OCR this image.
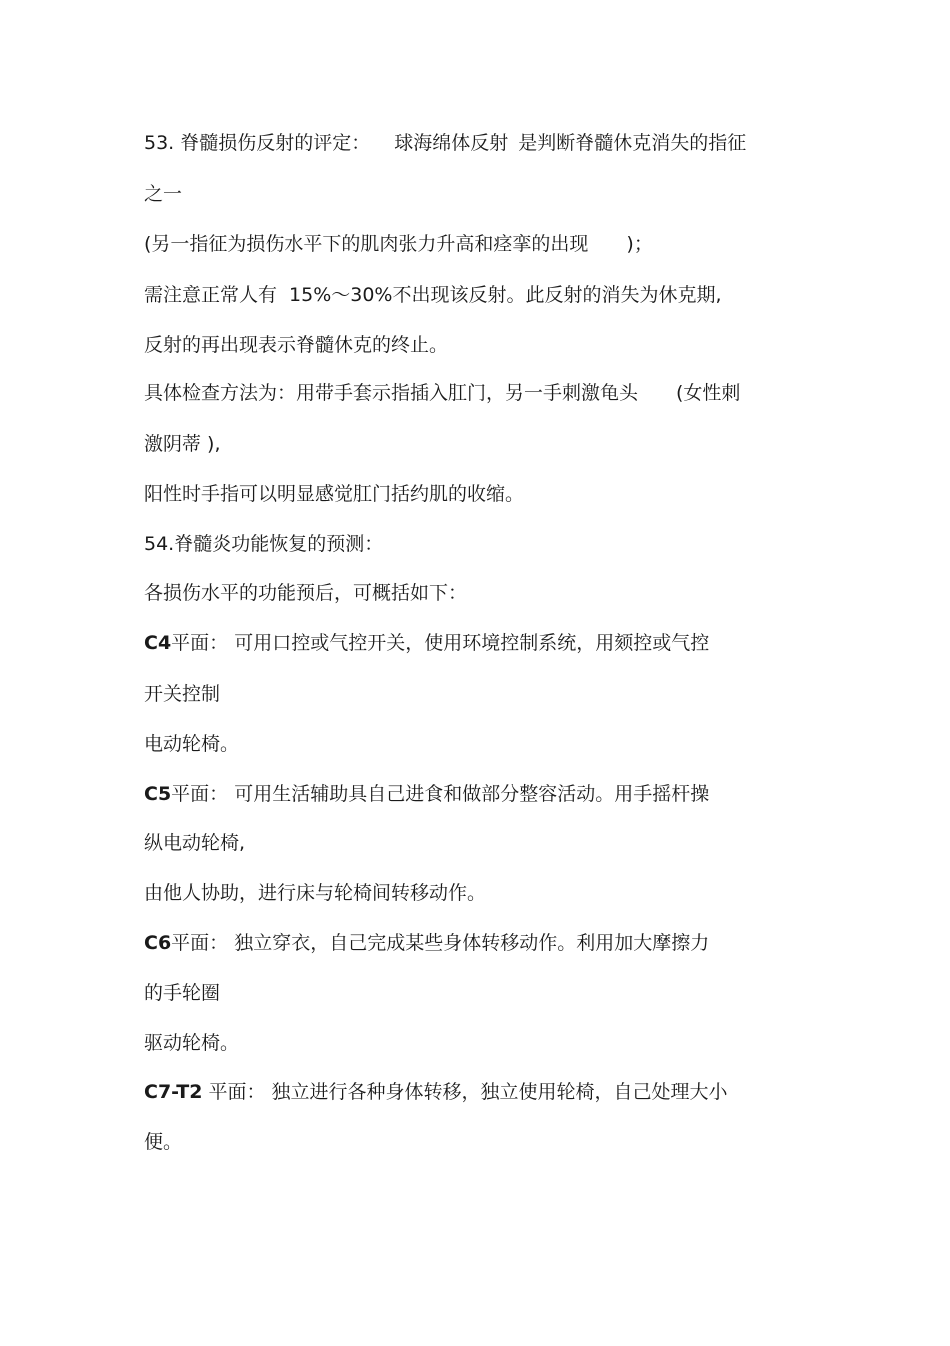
53. 脊髓损伤反射的评定： 球海绵体反射 是判断脊髓休克消失的指征
之一
(另一指征为损伤水平下的肌肉张力升高和痉挛的出现 )；
需注意正常人有 15%～30%不出现该反射。此反射的消失为休克期,
反射的再出现表示脊髓休克的终止。
具体检查方法为：用带手套示指插入肛门，另一手刺激龟头 (女性刺
激阴蒂 ),
阳性时手指可以明显感觉肛门括约肌的收缩。
54.脊髓炎功能恢复的预测：
各损伤水平的功能预后，可概括如下：
C4平面： 可用口控或气控开关，使用环境控制系统，用颏控或气控
开关控制
电动轮椅。
C5平面： 可用生活辅助具自己进食和做部分整容活动。用手摇杆操
纵电动轮椅,
由他人协助，进行床与轮椅间转移动作。
C6平面： 独立穿衣，自己完成某些身体转移动作。利用加大摩擦力
的手轮圈
驱动轮椅。
C7-T2 平面： 独立进行各种身体转移，独立使用轮椅，自己处理大小
便。
